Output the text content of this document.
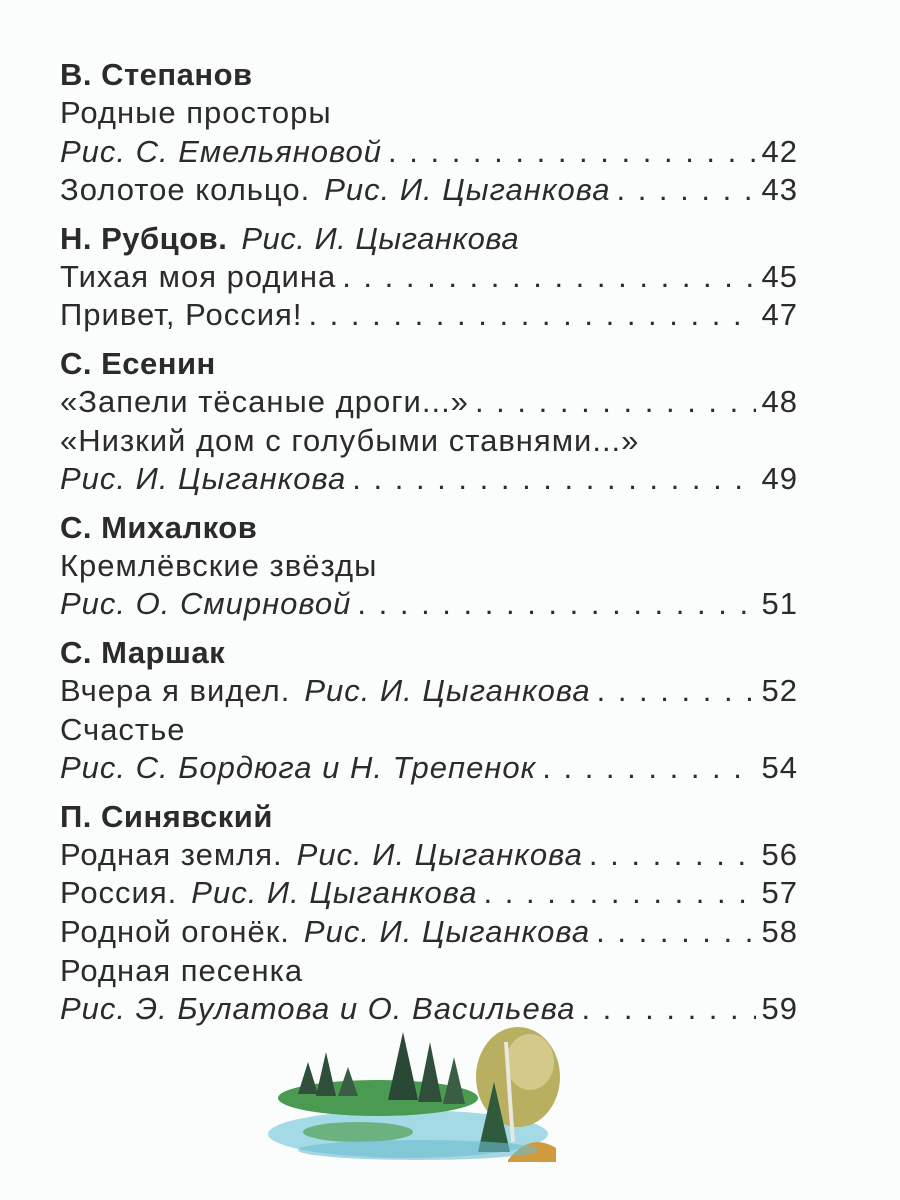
В. Степанов
Родные просторы
Рис. С. Емельяновой . . .	42
Золотое кольцо. Рис. И. Цыганкова . . .	43
Н. Рубцов. Рис. И. Цыганкова
Тихая моя родина . . .	45
Привет, Россия! . . .	47
С. Есенин
«Запели тёсаные дроги...» . . .	48
«Низкий дом с голубыми ставнями...»
Рис. И. Цыганкова . . .	49
С. Михалков
Кремлёвские звёзды
Рис. О. Смирновой . . .	51
С. Маршак
Вчера я видел. Рис. И. Цыганкова . . .	52
Счастье
Рис. С. Бордюга и Н. Трепенок . . .	54
П. Синявский
Родная земля. Рис. И. Цыганкова . . .	56
Россия. Рис. И. Цыганкова . . .	57
Родной огонёк. Рис. И. Цыганкова . . .	58
Родная песенка
Рис. Э. Булатова и О. Васильева . . .	59
